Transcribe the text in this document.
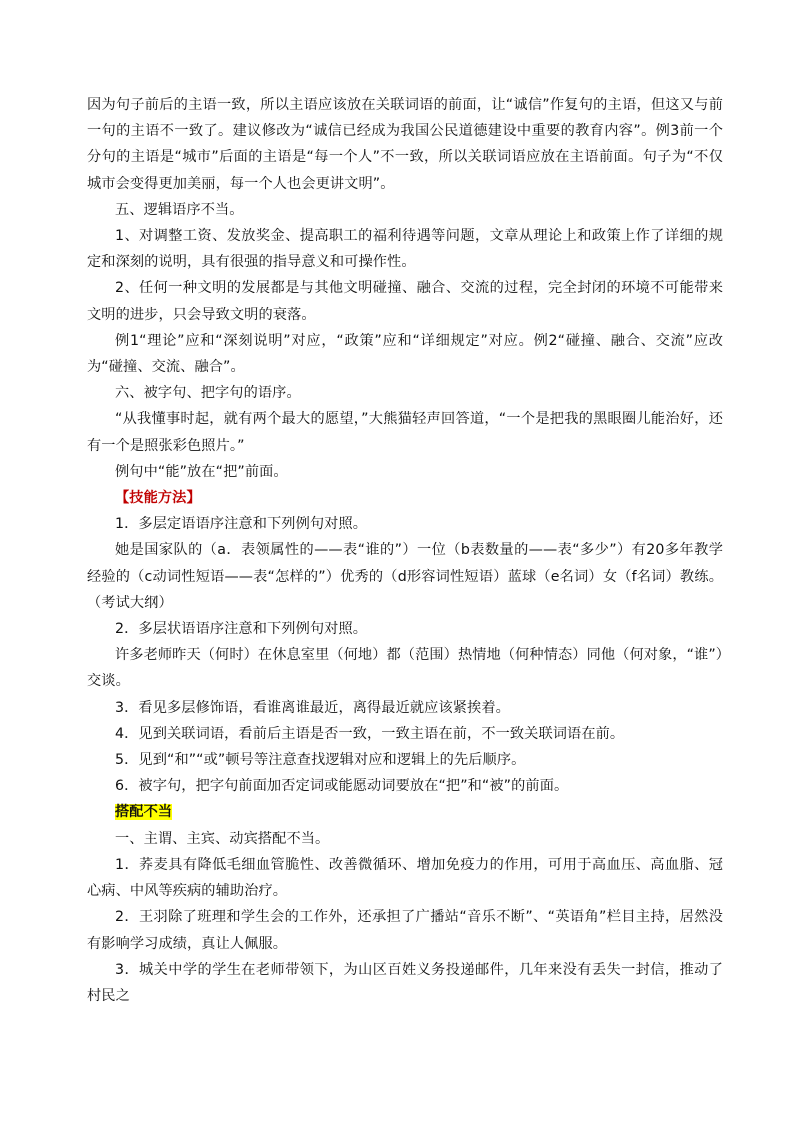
因为句子前后的主语一致，所以主语应该放在关联词语的前面，让“诚信”作复句的主语，但这又与前一句的主语不一致了。建议修改为“诚信已经成为我国公民道德建设中重要的教育内容”。例3前一个分句的主语是“城市”后面的主语是“每一个人”不一致，所以关联词语应放在主语前面。句子为“不仅城市会变得更加美丽，每一个人也会更讲文明”。

五、逻辑语序不当。

1、对调整工资、发放奖金、提高职工的福利待遇等问题，文章从理论上和政策上作了详细的规定和深刻的说明，具有很强的指导意义和可操作性。

2、任何一种文明的发展都是与其他文明碰撞、融合、交流的过程，完全封闭的环境不可能带来文明的进步，只会导致文明的衰落。

例1“理论”应和“深刻说明”对应，“政策”应和“详细规定”对应。例2“碰撞、融合、交流”应改为“碰撞、交流、融合”。

六、被字句、把字句的语序。

“从我懂事时起，就有两个最大的愿望，”大熊猫轻声回答道，“一个是把我的黑眼圈儿能治好，还有一个是照张彩色照片。”

例句中“能”放在“把”前面。

【技能方法】

1．多层定语语序注意和下列例句对照。

她是国家队的（a．表领属性的——表“谁的”）一位（b表数量的——表“多少”）有20多年教学经验的（c动词性短语——表“怎样的”）优秀的（d形容词性短语）蓝球（e名词）女（f名词）教练。（考试大纲）

2．多层状语语序注意和下列例句对照。

许多老师昨天（何时）在休息室里（何地）都（范围）热情地（何种情态）同他（何对象，“谁”）交谈。

3．看见多层修饰语，看谁离谁最近，离得最近就应该紧挨着。

4．见到关联词语，看前后主语是否一致，一致主语在前，不一致关联词语在前。

5．见到“和”“或”顿号等注意查找逻辑对应和逻辑上的先后顺序。

6．被字句，把字句前面加否定词或能愿动词要放在“把”和“被”的前面。

搭配不当

一、主谓、主宾、动宾搭配不当。

1．荞麦具有降低毛细血管脆性、改善微循环、增加免疫力的作用，可用于高血压、高血脂、冠心病、中风等疾病的辅助治疗。

2．王羽除了班理和学生会的工作外，还承担了广播站“音乐不断”、“英语角”栏目主持，居然没有影响学习成绩，真让人佩服。

3．城关中学的学生在老师带领下，为山区百姓义务投递邮件，几年来没有丢失一封信，推动了村民之
